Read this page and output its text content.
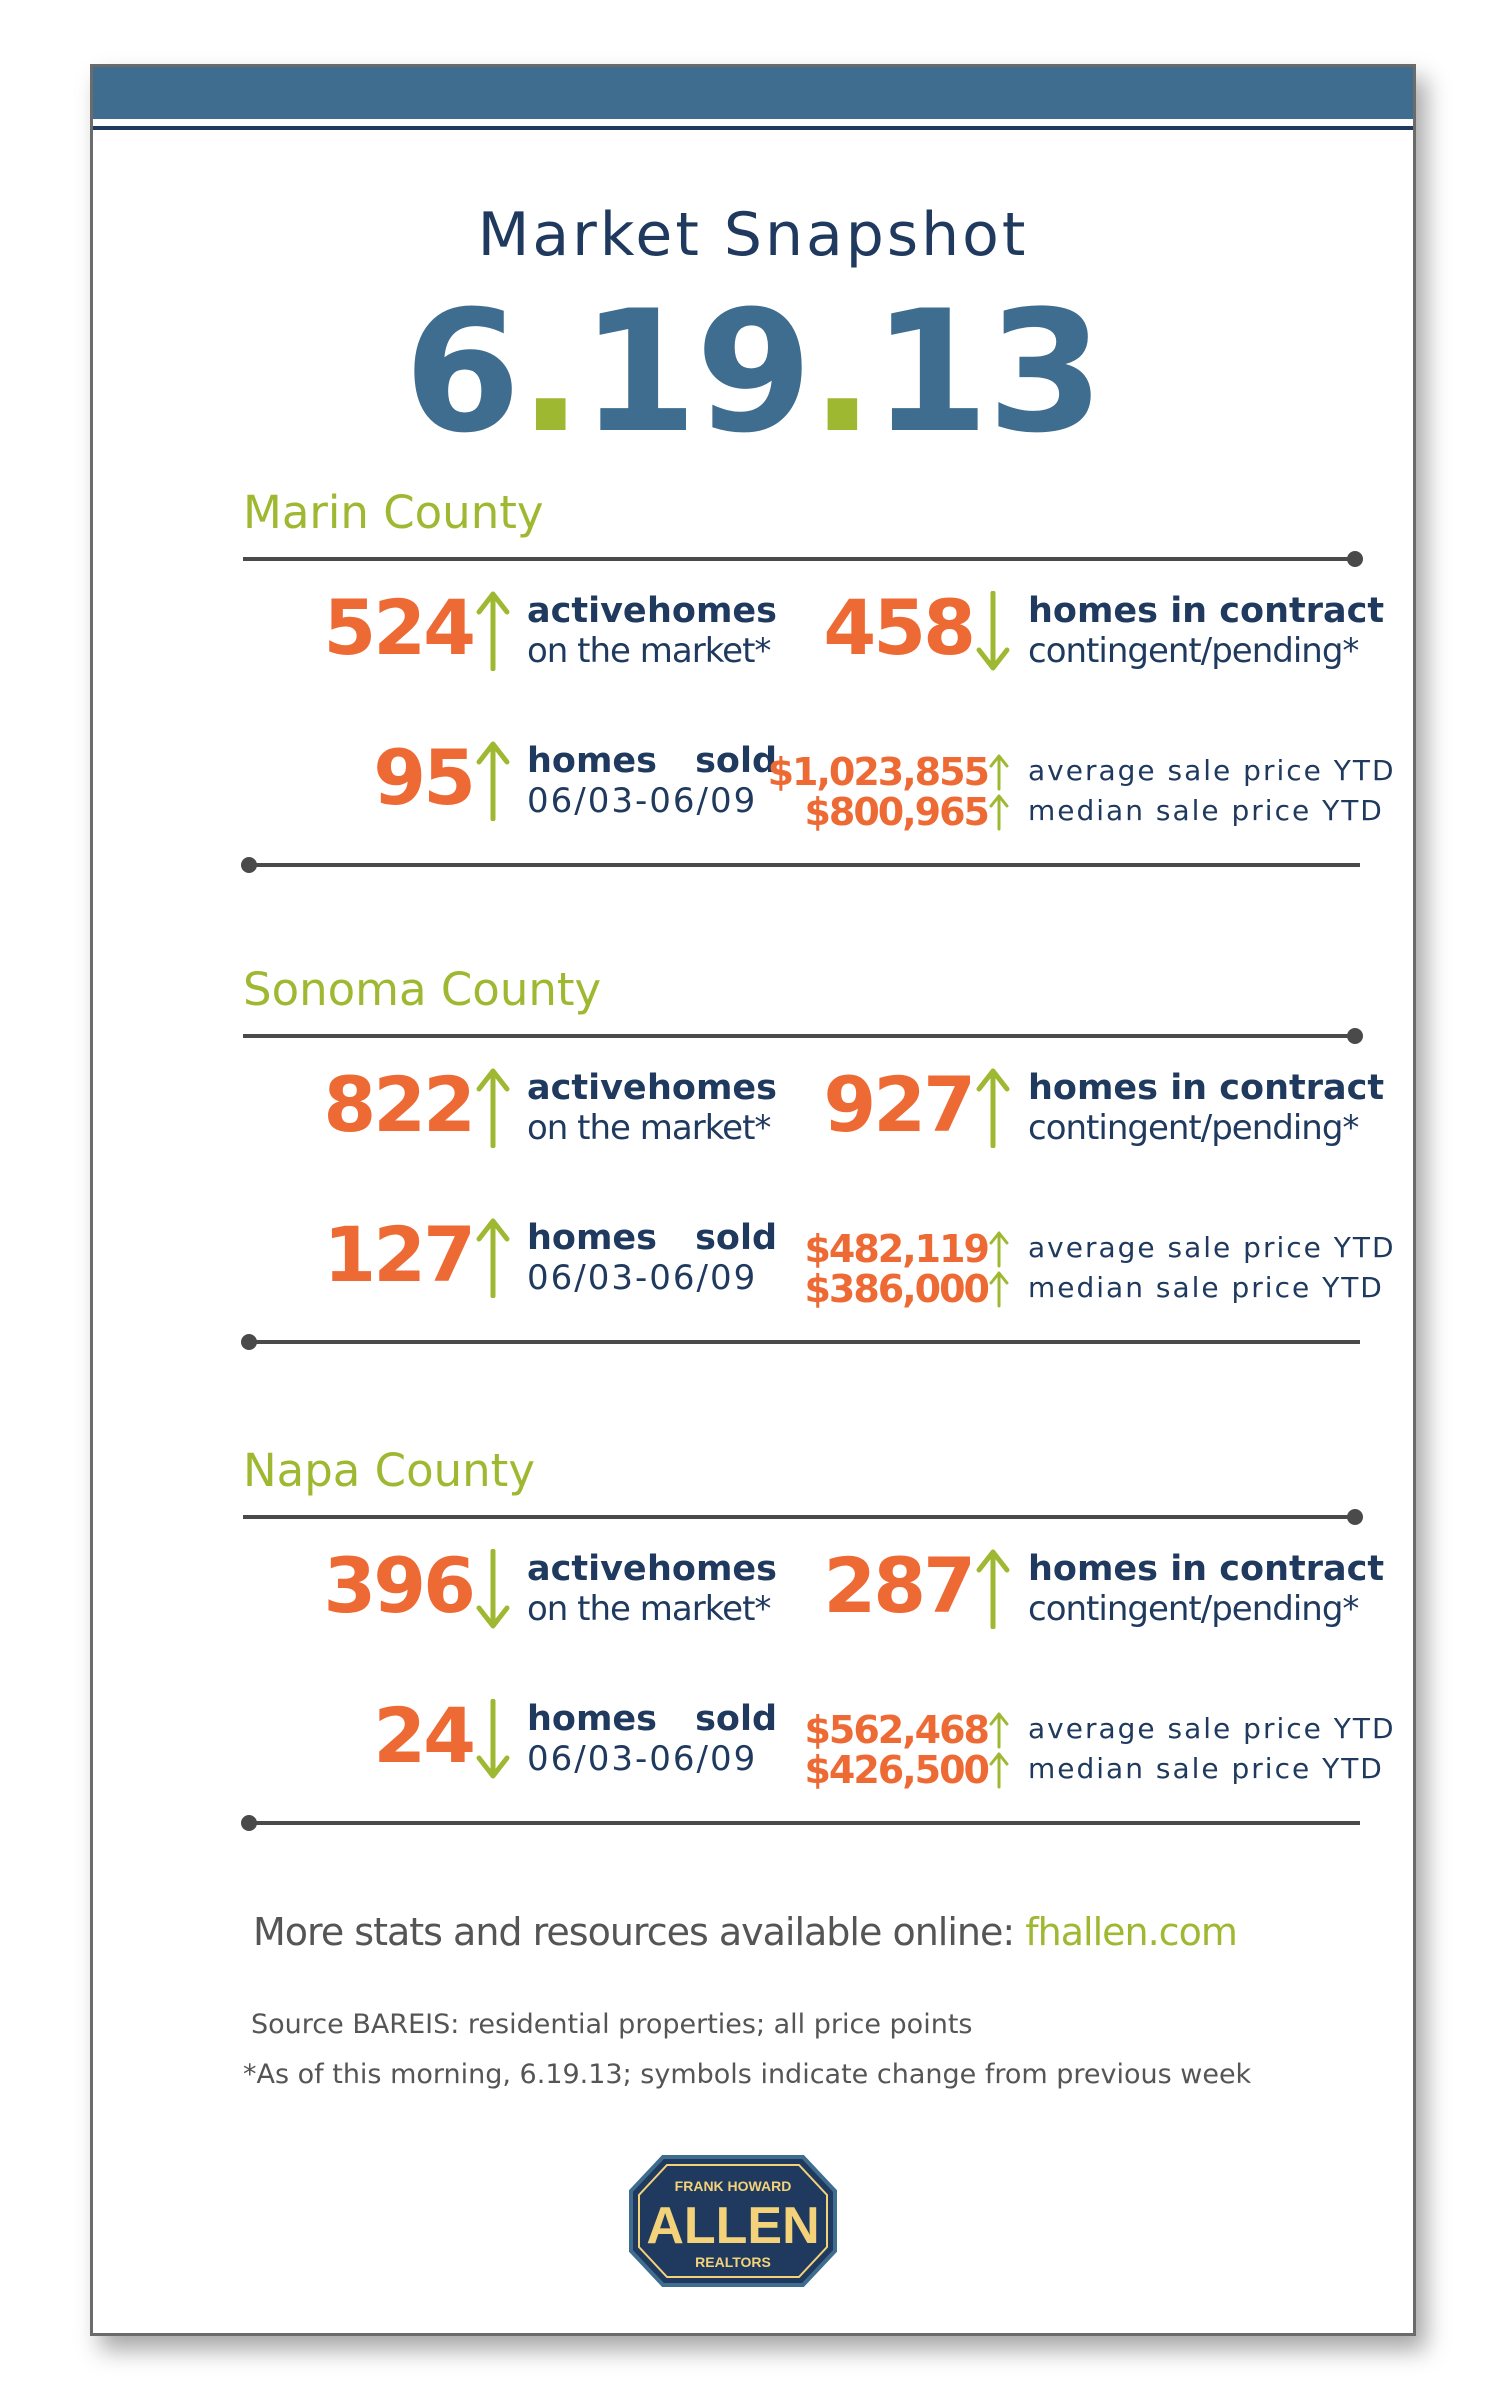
Market Snapshot
6.19.13
Marin County
524 active homes
on the market* 458 homes in contract
contingent/pending*
95 homes sold
06/03-06/09
$1,023,855 average sale price YTD
$800,965 median sale price YTD
Sonoma County
822 active homes
on the market* 927 homes in contract
contingent/pending*
127 homes sold
06/03-06/09
$482,119 average sale price YTD
$386,000 median sale price YTD
Napa County
396 active homes
on the market* 287 homes in contract
contingent/pending*
24 homes sold
06/03-06/09
$562,468 average sale price YTD
$426,500 median sale price YTD
More stats and resources available online: fhallen.com
Source BAREIS: residential properties; all price points
*As of this morning, 6.19.13; symbols indicate change from previous week
FRANK HOWARD
ALLEN
REALTORS
